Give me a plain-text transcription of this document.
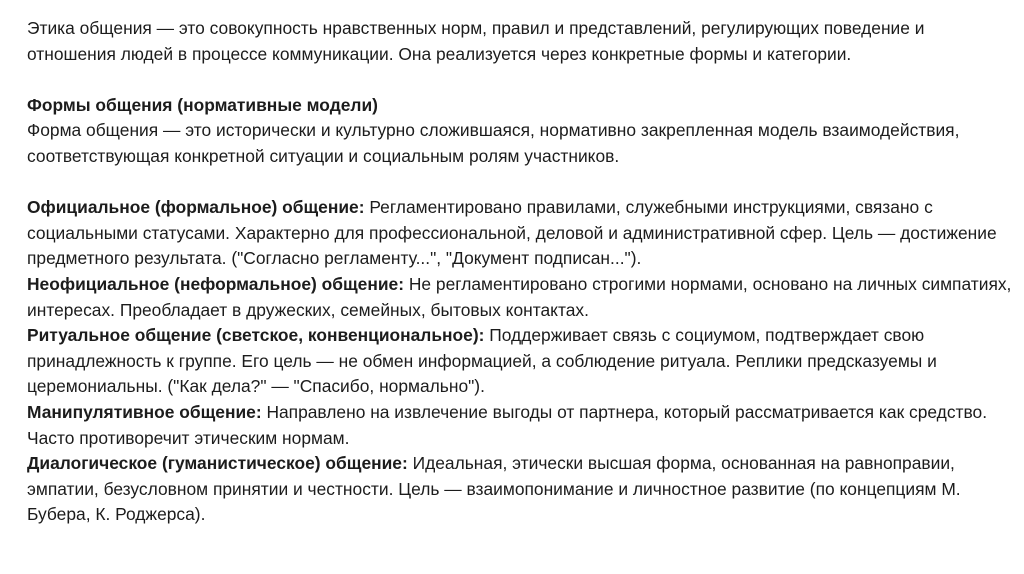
Этика общения — это совокупность нравственных норм, правил и представлений, регулирующих поведение и отношения людей в процессе коммуникации. Она реализуется через конкретные формы и категории.

Формы общения (нормативные модели)

Форма общения — это исторически и культурно сложившаяся, нормативно закрепленная модель взаимодействия, соответствующая конкретной ситуации и социальным ролям участников.

Официальное (формальное) общение: Регламентировано правилами, служебными инструкциями, связано с социальными статусами. Характерно для профессиональной, деловой и административной сфер. Цель — достижение предметного результата. ("Согласно регламенту...", "Документ подписан...").

Неофициальное (неформальное) общение: Не регламентировано строгими нормами, основано на личных симпатиях, интересах. Преобладает в дружеских, семейных, бытовых контактах.

Ритуальное общение (светское, конвенциональное): Поддерживает связь с социумом, подтверждает свою принадлежность к группе. Его цель — не обмен информацией, а соблюдение ритуала. Реплики предсказуемы и церемониальны. ("Как дела?" — "Спасибо, нормально").

Манипулятивное общение: Направлено на извлечение выгоды от партнера, который рассматривается как средство. Часто противоречит этическим нормам.

Диалогическое (гуманистическое) общение: Идеальная, этически высшая форма, основанная на равноправии, эмпатии, безусловном принятии и честности. Цель — взаимопонимание и личностное развитие (по концепциям М. Бубера, К. Роджерса).
